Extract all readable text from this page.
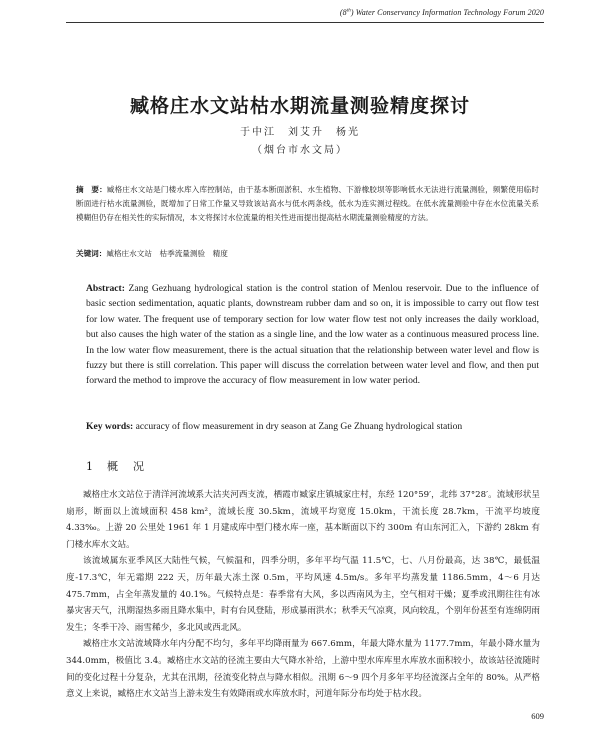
(8th) Water Conservancy Information Technology Forum 2020
臧格庄水文站枯水期流量测验精度探讨
于中江　刘艾升　杨光
（烟台市水文局）
摘　要：臧格庄水文站是门楼水库入库控制站，由于基本断面淤积、水生植物、下游橡胶坝等影响低水无法进行流量测验，频繁使用临时断面进行枯水流量测验，既增加了日常工作量又导致该站高水与低水两条线，低水为连实测过程线。在低水流量测验中存在水位流量关系模糊但仍存在相关性的实际情况，本文将探讨水位流量的相关性进而提出提高枯水期流量测验精度的方法。
关键词：臧格庄水文站　枯季流量测验　精度
Abstract: Zang Gezhuang hydrological station is the control station of Menlou reservoir. Due to the influence of basic section sedimentation, aquatic plants, downstream rubber dam and so on, it is impossible to carry out flow test for low water. The frequent use of temporary section for low water flow test not only increases the daily workload, but also causes the high water of the station as a single line, and the low water as a continuous measured process line. In the low water flow measurement, there is the actual situation that the relationship between water level and flow is fuzzy but there is still correlation. This paper will discuss the correlation between water level and flow, and then put forward the method to improve the accuracy of flow measurement in low water period.
Key words: accuracy of flow measurement in dry season at Zang Ge Zhuang hydrological station
1 概　况

臧格庄水文站位于清洋河流域系大沽夹河西支流，栖霞市臧家庄镇城家庄村，东经 120°59′，北纬 37°28′。流域形状呈扇形，断面以上流域面积 458 km²，流域长度 30.5km，流域平均宽度 15.0km，干流长度 28.7km，干流平均坡度 4.33‰。上游 20 公里处 1961 年 1 月建成库中型门楼水库一座，基本断面以下约 300m 有山东河汇入，下游约 28km 有门楼水库水文站。

该流域属东亚季风区大陆性气候，气候温和，四季分明，多年平均气温 11.5℃，七、八月份最高，达 38℃，最低温度-17.3℃，年无霜期 222 天，历年最大冻土深 0.5m，平均风速 4.5m/s。多年平均蒸发量 1186.5mm，4～6 月达 475.7mm，占全年蒸发量的 40.1%。气候特点是：春季常有大风，多以西南风为主，空气相对干燥；夏季或汛期往往有冰暴灾害天气，汛期湿热多雨且降水集中，时有台风登陆，形成暴雨洪水；秋季天气凉爽，风向较乱，个别年份甚至有连绵阴雨发生；冬季干冷、雨雪稀少，多北风或西北风。

臧格庄水文站流域降水年内分配不均匀，多年平均降雨量为 667.6mm，年最大降水量为 1177.7mm，年最小降水量为 344.0mm，极值比 3.4。臧格庄水文站的径流主要由大气降水补给，上游中型水库库里水库放水面积较小，故该站径流随时间的变化过程十分复杂，尤其在汛期，径流变化特点与降水相似。汛期 6～9 四个月多年平均径流深占全年的 80%。从严格意义上来说，臧格庄水文站当上游未发生有效降雨或水库放水时，河道年际分布均处于枯水段。

609
